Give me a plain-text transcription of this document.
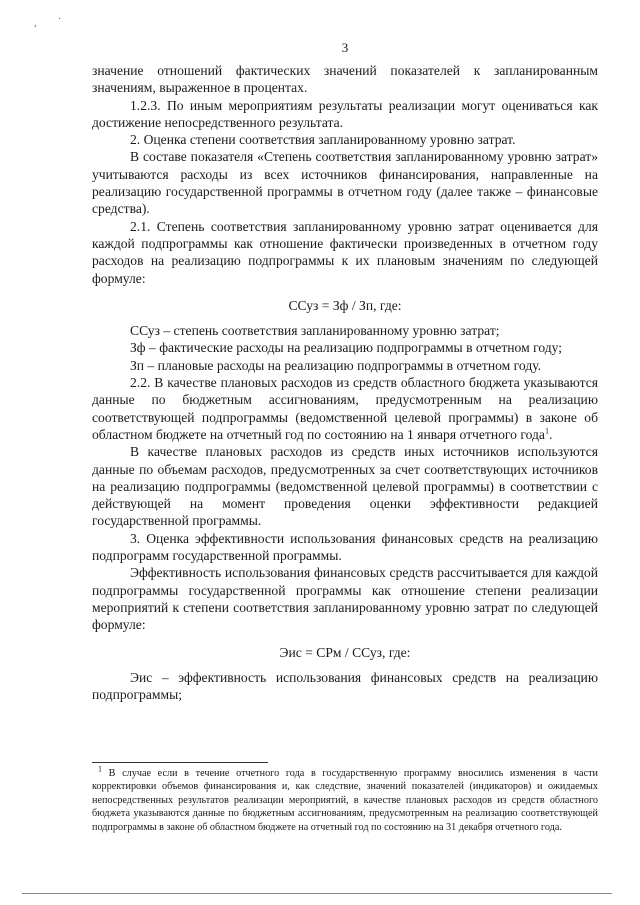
, ·
3

значение отношений фактических значений показателей к запланированным значениям, выраженное в процентах.

1.2.3. По иным мероприятиям результаты реализации могут оцениваться как достижение непосредственного результата.

2. Оценка степени соответствия запланированному уровню затрат.

В составе показателя «Степень соответствия запланированному уровню затрат» учитываются расходы из всех источников финансирования, направленные на реализацию государственной программы в отчетном году (далее также – финансовые средства).

2.1. Степень соответствия запланированному уровню затрат оценивается для каждой подпрограммы как отношение фактически произведенных в отчетном году расходов на реализацию подпрограммы к их плановым значениям по следующей формуле:

ССуз = Зф / Зп, где:

ССуз – степень соответствия запланированному уровню затрат;

Зф – фактические расходы на реализацию подпрограммы в отчетном году;

Зп – плановые расходы на реализацию подпрограммы в отчетном году.

2.2. В качестве плановых расходов из средств областного бюджета указываются данные по бюджетным ассигнованиям, предусмотренным на реализацию соответствующей подпрограммы (ведомственной целевой программы) в законе об областном бюджете на отчетный год по состоянию на 1 января отчетного года$^1$.

В качестве плановых расходов из средств иных источников используются данные по объемам расходов, предусмотренных за счет соответствующих источников на реализацию подпрограммы (ведомственной целевой программы) в соответствии с действующей на момент проведения оценки эффективности редакцией государственной программы.

3. Оценка эффективности использования финансовых средств на реализацию подпрограмм государственной программы.

Эффективность использования финансовых средств рассчитывается для каждой подпрограммы государственной программы как отношение степени реализации мероприятий к степени соответствия запланированному уровню затрат по следующей формуле:

Эис = СРм / ССуз, где:

Эис – эффективность использования финансовых средств на реализацию подпрограммы;

$^1$ В случае если в течение отчетного года в государственную программу вносились изменения в части корректировки объемов финансирования и, как следствие, значений показателей (индикаторов) и ожидаемых непосредственных результатов реализации мероприятий, в качестве плановых расходов из средств областного бюджета указываются данные по бюджетным ассигнованиям, предусмотренным на реализацию соответствующей подпрограммы в законе об областном бюджете на отчетный год по состоянию на 31 декабря отчетного года.
